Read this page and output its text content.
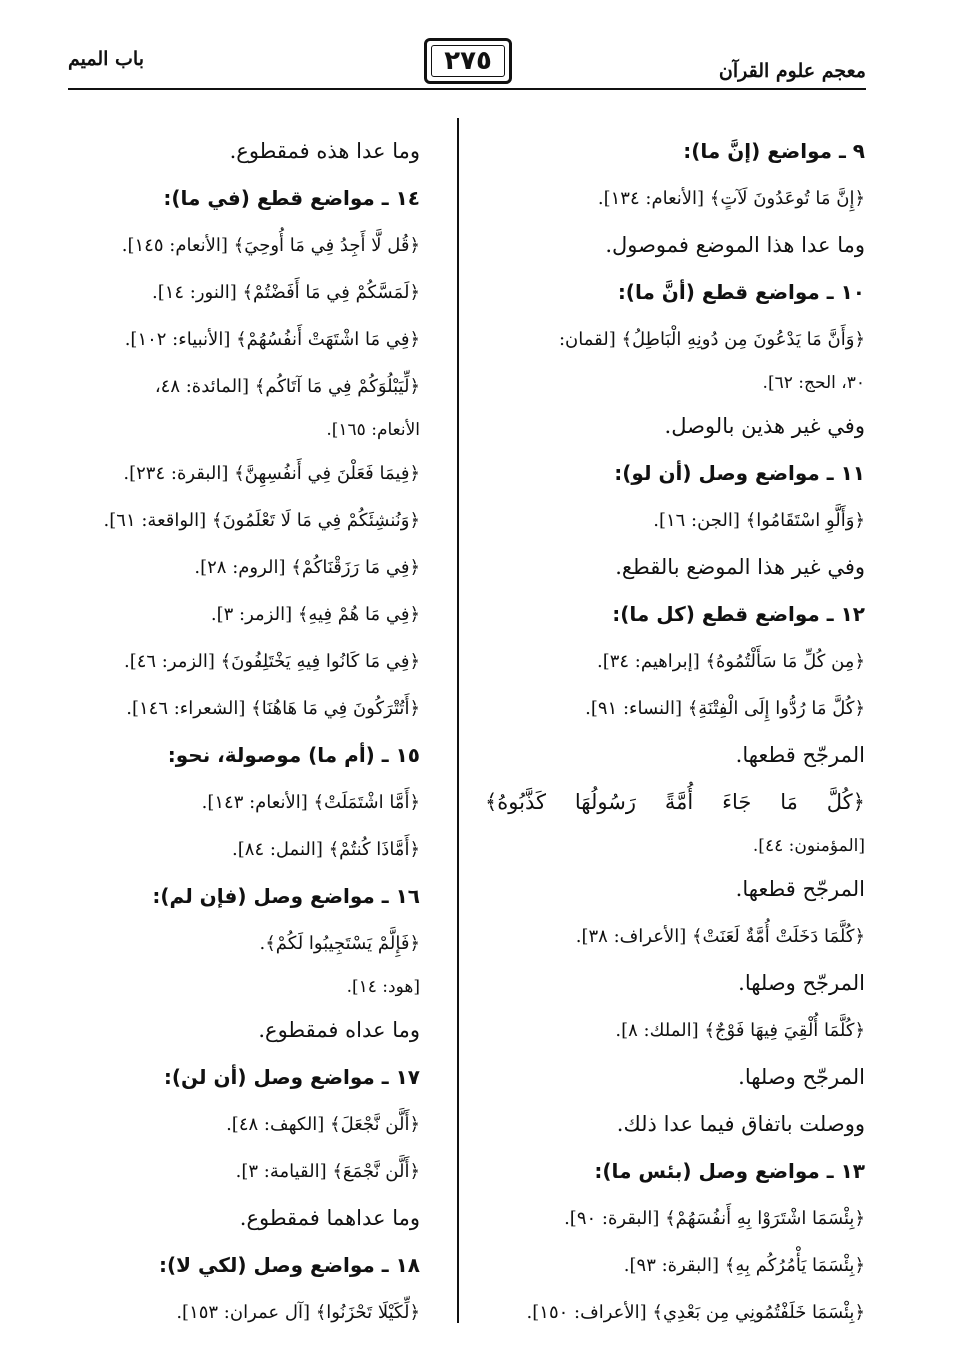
معجم علوم القرآن
٢٧٥
باب الميم
٩ ـ مواضع (إنَّ ما):
﴿إِنَّ مَا تُوعَدُونَ لَآتٍ﴾ [الأنعام: ١٣٤].
وما عدا هذا الموضع فموصول.
١٠ ـ مواضع قطع (أنَّ ما):
﴿وَأَنَّ مَا يَدْعُونَ مِن دُونِهِ الْبَاطِلُ﴾ [لقمان:
٣٠، الحج: ٦٢].
وفي غير هذين بالوصل.
١١ ـ مواضع وصل (أن لو):
﴿وَأَلَّوِ اسْتَقَامُوا﴾ [الجن: ١٦].
وفي غير هذا الموضع بالقطع.
١٢ ـ مواضع قطع (كل ما):
﴿مِن كُلِّ مَا سَأَلْتُمُوهُ﴾ [إبراهيم: ٣٤].
﴿كُلَّ مَا رُدُّوا إِلَى الْفِتْنَةِ﴾ [النساء: ٩١].
المرجّح قطعها.
﴿كُلَّ مَا جَاءَ أُمَّةً رَسُولُهَا كَذَّبُوهُ﴾
[المؤمنون: ٤٤].
المرجّح قطعها.
﴿كُلَّمَا دَخَلَتْ أُمَّةٌ لَعَنَتْ﴾ [الأعراف: ٣٨].
المرجّح وصلها.
﴿كُلَّمَا أُلْقِيَ فِيهَا فَوْجٌ﴾ [الملك: ٨].
المرجّح وصلها.
ووصلت باتفاق فيما عدا ذلك.
١٣ ـ مواضع وصل (بئس ما):
﴿بِئْسَمَا اشْتَرَوْا بِهِ أَنفُسَهُمْ﴾ [البقرة: ٩٠].
﴿بِئْسَمَا يَأْمُرُكُم بِهِ﴾ [البقرة: ٩٣].
﴿بِئْسَمَا خَلَفْتُمُونِي مِن بَعْدِي﴾ [الأعراف: ١٥٠].
وما عدا هذه فمقطوع.
١٤ ـ مواضع قطع (في ما):
﴿قُل لَّا أَجِدُ فِي مَا أُوحِيَ﴾ [الأنعام: ١٤٥].
﴿لَمَسَّكُمْ فِي مَا أَفَضْتُمْ﴾ [النور: ١٤].
﴿فِي مَا اشْتَهَتْ أَنفُسُهُمْ﴾ [الأنبياء: ١٠٢].
﴿لِّيَبْلُوَكُمْ فِي مَا آتَاكُم﴾ [المائدة: ٤٨،
الأنعام: ١٦٥].
﴿فِيمَا فَعَلْنَ فِي أَنفُسِهِنَّ﴾ [البقرة: ٢٣٤].
﴿وَنُنشِئَكُمْ فِي مَا لَا تَعْلَمُونَ﴾ [الواقعة: ٦١].
﴿فِي مَا رَزَقْنَاكُمْ﴾ [الروم: ٢٨].
﴿فِي مَا هُمْ فِيهِ﴾ [الزمر: ٣].
﴿فِي مَا كَانُوا فِيهِ يَخْتَلِفُونَ﴾ [الزمر: ٤٦].
﴿أَتُتْرَكُونَ فِي مَا هَاهُنَا﴾ [الشعراء: ١٤٦].
١٥ ـ (أم ما) موصولة، نحو:
﴿أَمَّا اشْتَمَلَتْ﴾ [الأنعام: ١٤٣].
﴿أَمَّاذَا كُنتُمْ﴾ [النمل: ٨٤].
١٦ ـ مواضع وصل (فإن لم):
﴿فَإِلَّمْ يَسْتَجِيبُوا لَكُمْ﴾.
[هود: ١٤].
وما عداه فمقطوع.
١٧ ـ مواضع وصل (أن لن):
﴿أَلَّن نَّجْعَلَ﴾ [الكهف: ٤٨].
﴿أَلَّن نَّجْمَعَ﴾ [القيامة: ٣].
وما عداهما فمقطوع.
١٨ ـ مواضع وصل (لكي لا):
﴿لِّكَيْلَا تَحْزَنُوا﴾ [آل عمران: ١٥٣].
